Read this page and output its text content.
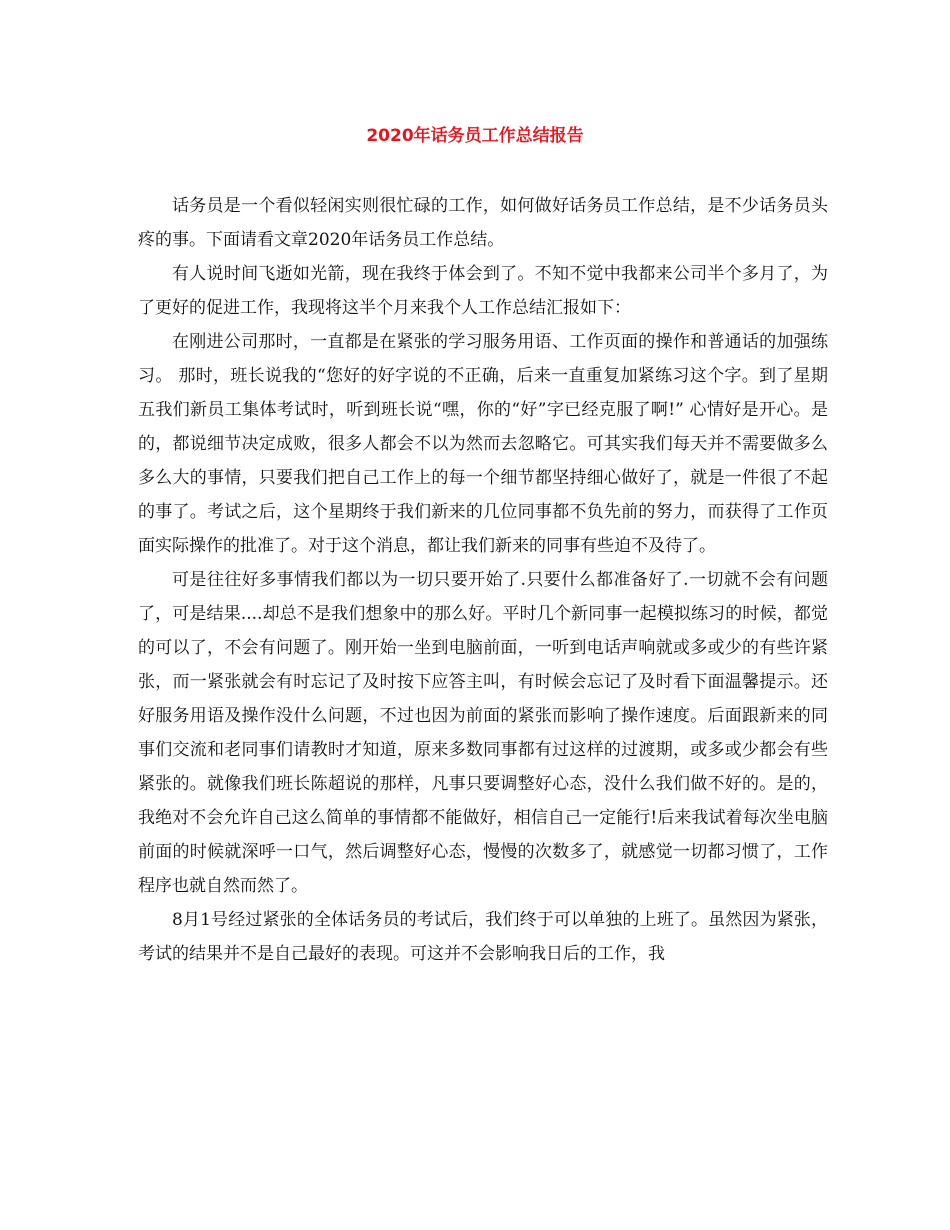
2020年话务员工作总结报告

话务员是一个看似轻闲实则很忙碌的工作，如何做好话务员工作总结，是不少话务员头疼的事。下面请看文章2020年话务员工作总结。

有人说时间飞逝如光箭，现在我终于体会到了。不知不觉中我都来公司半个多月了，为了更好的促进工作，我现将这半个月来我个人工作总结汇报如下：

在刚进公司那时，一直都是在紧张的学习服务用语、工作页面的操作和普通话的加强练习。 那时，班长说我的“您好的好字说的不正确，后来一直重复加紧练习这个字。到了星期五我们新员工集体考试时，听到班长说“嘿，你的“好”字已经克服了啊!” 心情好是开心。是的，都说细节决定成败，很多人都会不以为然而去忽略它。可其实我们每天并不需要做多么多么大的事情，只要我们把自己工作上的每一个细节都坚持细心做好了，就是一件很了不起的事了。考试之后，这个星期终于我们新来的几位同事都不负先前的努力，而获得了工作页面实际操作的批准了。对于这个消息，都让我们新来的同事有些迫不及待了。

可是往往好多事情我们都以为一切只要开始了.只要什么都准备好了.一切就不会有问题了，可是结果....却总不是我们想象中的那么好。平时几个新同事一起模拟练习的时候，都觉的可以了，不会有问题了。刚开始一坐到电脑前面，一听到电话声响就或多或少的有些许紧张，而一紧张就会有时忘记了及时按下应答主叫，有时候会忘记了及时看下面温馨提示。还好服务用语及操作没什么问题，不过也因为前面的紧张而影响了操作速度。后面跟新来的同事们交流和老同事们请教时才知道，原来多数同事都有过这样的过渡期，或多或少都会有些紧张的。就像我们班长陈超说的那样，凡事只要调整好心态，没什么我们做不好的。是的，我绝对不会允许自己这么简单的事情都不能做好，相信自己一定能行!后来我试着每次坐电脑前面的时候就深呼一口气，然后调整好心态，慢慢的次数多了，就感觉一切都习惯了，工作程序也就自然而然了。

8月1号经过紧张的全体话务员的考试后，我们终于可以单独的上班了。虽然因为紧张，考试的结果并不是自己最好的表现。可这并不会影响我日后的工作，我
